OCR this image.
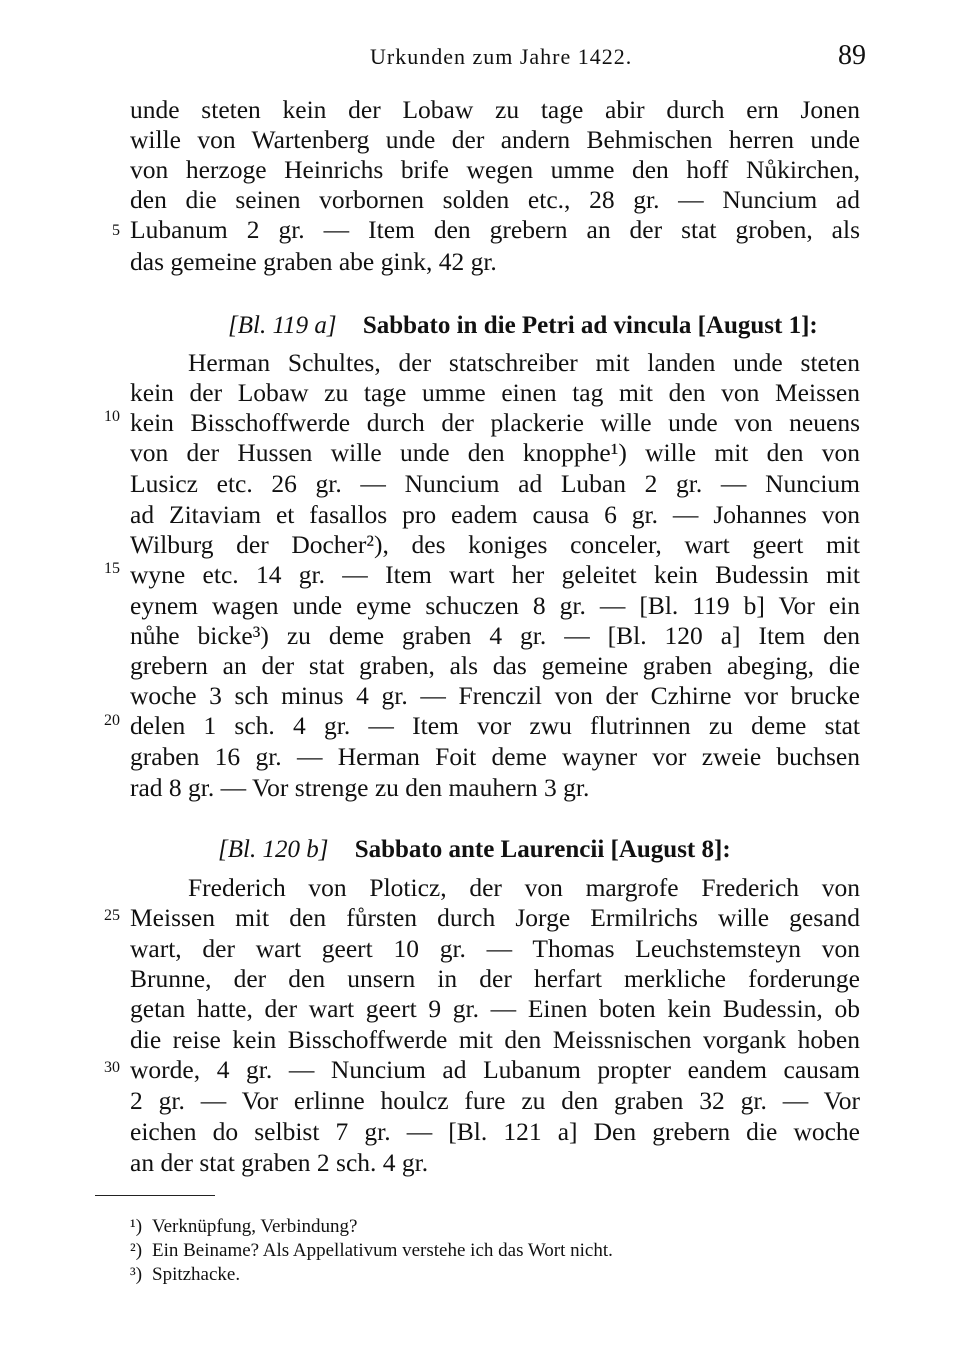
Urkunden zum Jahre 1422.	89
unde steten kein der Lobaw zu tage abir durch ern Jonen
wille von Wartenberg unde der andern Behmischen herren unde
von herzoge Heinrichs brife wegen umme den hoff Nůkirchen,
den die seinen vorbornen solden etc., 28 gr. — Nuncium ad
Lubanum 2 gr. — Item den grebern an der stat groben, als
das gemeine graben abe gink, 42 gr.
[Bl. 119 a] Sabbato in die Petri ad vincula [August 1]:
Herman Schultes, der statschreiber mit landen unde steten
kein der Lobaw zu tage umme einen tag mit den von Meissen
kein Bisschoffwerde durch der plackerie wille unde von neuens
von der Hussen wille unde den knopphe¹) wille mit den von
Lusicz etc. 26 gr. — Nuncium ad Luban 2 gr. — Nuncium
ad Zitaviam et fasallos pro eadem causa 6 gr. — Johannes von
Wilburg der Docher²), des koniges conceler, wart geert mit
wyne etc. 14 gr. — Item wart her geleitet kein Budessin mit
eynem wagen unde eyme schuczen 8 gr. — [Bl. 119 b] Vor ein
nůhe bicke³) zu deme graben 4 gr. — [Bl. 120 a] Item den
grebern an der stat graben, als das gemeine graben abeging, die
woche 3 sch minus 4 gr. — Frenczil von der Czhirne vor brucke
delen 1 sch. 4 gr. — Item vor zwu flutrinnen zu deme stat
graben 16 gr. — Herman Foit deme wayner vor zweie buchsen
rad 8 gr. — Vor strenge zu den mauhern 3 gr.
[Bl. 120 b] Sabbato ante Laurencii [August 8]:
Frederich von Ploticz, der von margrofe Frederich von
Meissen mit den fůrsten durch Jorge Ermilrichs wille gesand
wart, der wart geert 10 gr. — Thomas Leuchstemsteyn von
Brunne, der den unsern in der herfart merkliche forderunge
getan hatte, der wart geert 9 gr. — Einen boten kein Budessin, ob
die reise kein Bisschoffwerde mit den Meissnischen vorgank hoben
worde, 4 gr. — Nuncium ad Lubanum propter eandem causam
2 gr. — Vor erlinne houlcz fure zu den graben 32 gr. — Vor
eichen do selbist 7 gr. — [Bl. 121 a] Den grebern die woche
an der stat graben 2 sch. 4 gr.
5
10
15
20
25
30
¹) Verknüpfung, Verbindung?
²) Ein Beiname? Als Appellativum verstehe ich das Wort nicht.
³) Spitzhacke.
